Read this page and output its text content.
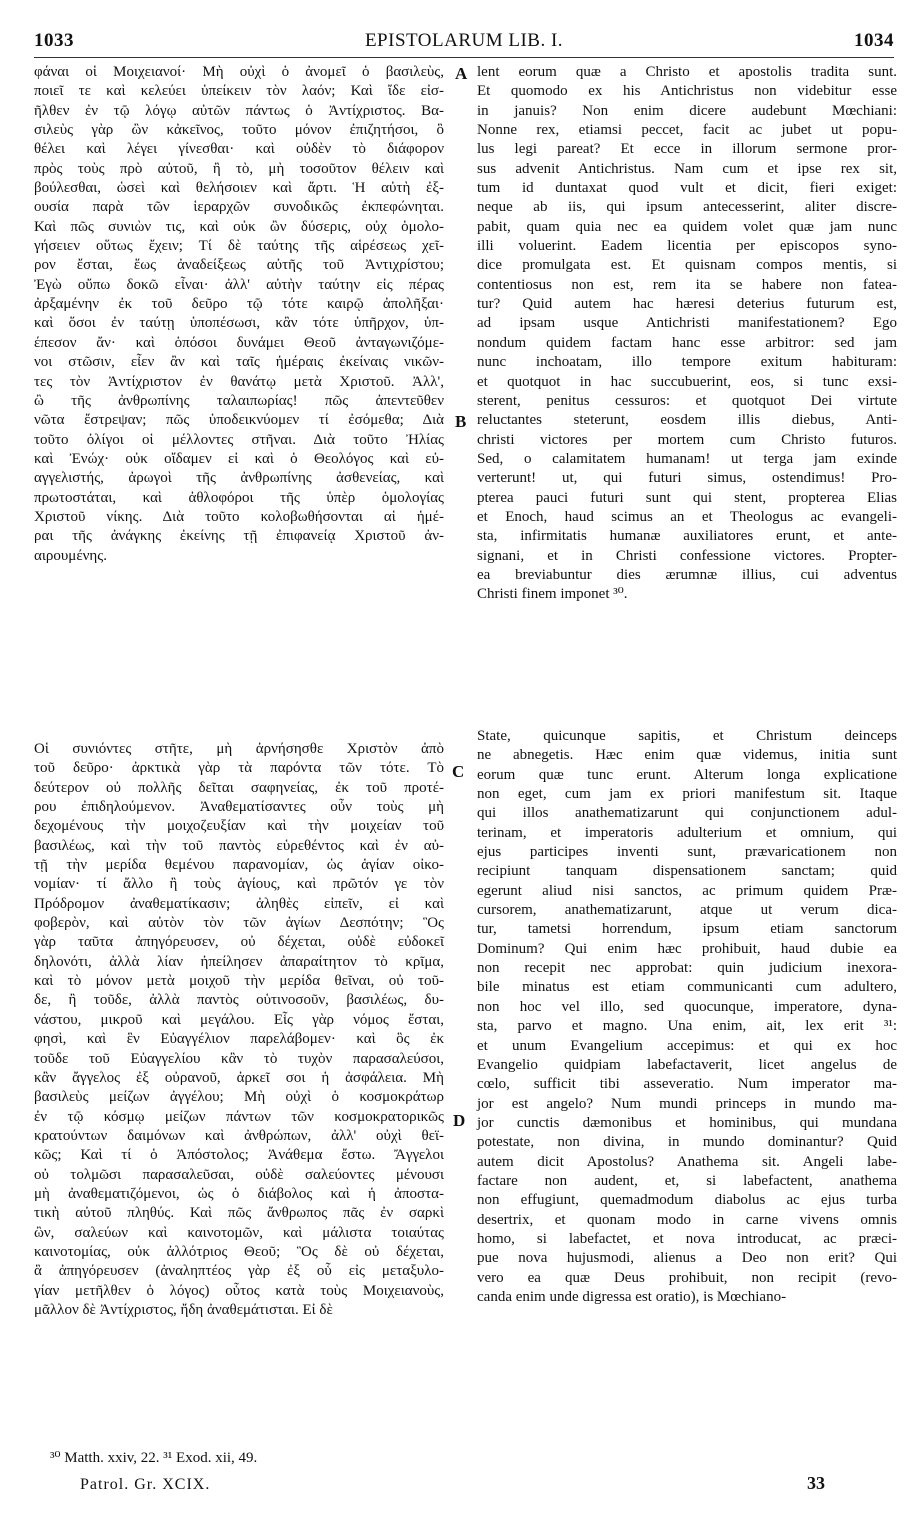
1033	EPISTOLARUM LIB. I.	1034
φάναι οἱ Μοιχειανοί· Μὴ οὐχὶ ὁ ἀνομεῖ ὁ βασιλεὺς,
ποιεῖ τε καὶ κελεύει ὑπείκειν τὸν λαόν; Καὶ ἴδε εἰσ-
ῆλθεν ἐν τῷ λόγῳ αὐτῶν πάντως ὁ Ἀντίχριστος. Βα-
σιλεὺς γὰρ ὢν κἀκεῖνος, τοῦτο μόνον ἐπιζητήσοι, ὃ
θέλει καὶ λέγει γίνεσθαι· καὶ οὐδὲν τὸ διάφορον
πρὸς τοὺς πρὸ αὐτοῦ, ἢ τὸ, μὴ τοσοῦτον θέλειν καὶ
βούλεσθαι, ὡσεὶ καὶ θελήσοιεν καὶ ἄρτι. Ἡ αὐτὴ ἐξ-
ουσία παρὰ τῶν ἱεραρχῶν συνοδικῶς ἐκπεφώνηται.
Καὶ πῶς συνιὼν τις, καὶ οὐκ ὢν δύσερις, οὐχ ὁμολο-
γήσειεν οὕτως ἔχειν; Τί δὲ ταύτης τῆς αἱρέσεως χεῖ-
ρον ἔσται, ἕως ἀναδείξεως αὐτῆς τοῦ Ἀντιχρίστου;
Ἐγὼ οὔπω δοκῶ εἶναι· ἀλλ' αὐτὴν ταύτην εἰς πέρας
ἀρξαμένην ἐκ τοῦ δεῦρο τῷ τότε καιρῷ ἀπολῆξαι·
καὶ ὅσοι ἐν ταύτῃ ὑποπέσωσι, κἂν τότε ὑπῆρχον, ὑπ-
έπεσον ἄν· καὶ ὁπόσοι δυνάμει Θεοῦ ἀνταγωνιζόμε-
νοι στῶσιν, εἶεν ἂν καὶ ταῖς ἡμέραις ἐκείναις νικῶν-
τες τὸν Ἀντίχριστον ἐν θανάτῳ μετὰ Χριστοῦ. Ἀλλ',
ὢ τῆς ἀνθρωπίνης ταλαιπωρίας! πῶς ἀπεντεῦθεν
νῶτα ἔστρεψαν; πῶς ὑποδεικνύομεν τί ἐσόμεθα; Διὰ
τοῦτο ὀλίγοι οἱ μέλλοντες στῆναι. Διὰ τοῦτο Ἠλίας
καὶ Ἐνώχ· οὐκ οἴδαμεν εἰ καὶ ὁ Θεολόγος καὶ εὐ-
αγγελιστής, ἀρωγοὶ τῆς ἀνθρωπίνης ἀσθενείας, καὶ
πρωτοστάται, καὶ ἀθλοφόροι τῆς ὑπὲρ ὁμολογίας
Χριστοῦ νίκης. Διὰ τοῦτο κολοβωθήσονται αἱ ἡμέ-
ραι τῆς ἀνάγκης ἐκείνης τῇ ἐπιφανείᾳ Χριστοῦ ἀν-
αιρουμένης.
Οἱ συνιόντες στῆτε, μὴ ἀρνήσησθε Χριστὸν ἀπὸ
τοῦ δεῦρο· ἀρκτικὰ γὰρ τὰ παρόντα τῶν τότε. Τὸ
δεύτερον οὐ πολλῆς δεῖται σαφηνείας, ἐκ τοῦ προτέ-
ρου ἐπιδηλούμενον. Ἀναθεματίσαντες οὖν τοὺς μὴ
δεχομένους τὴν μοιχοζευξίαν καὶ τὴν μοιχείαν τοῦ
βασιλέως, καὶ τὴν τοῦ παντὸς εὑρεθέντος καὶ ἐν αὐ-
τῇ τὴν μερίδα θεμένου παρανομίαν, ὡς ἁγίαν οἰκο-
νομίαν· τί ἄλλο ἢ τοὺς ἁγίους, καὶ πρῶτόν γε τὸν
Πρόδρομον ἀναθεματίκασιν; ἀληθὲς εἰπεῖν, εἰ καὶ
φοβερὸν, καὶ αὐτὸν τὸν τῶν ἁγίων Δεσπότην; Ὃς
γὰρ ταῦτα ἀπηγόρευσεν, οὐ δέχεται, οὐδὲ εὐδοκεῖ
δηλονότι, ἀλλὰ λίαν ἠπείλησεν ἀπαραίτητον τὸ κρῖμα,
καὶ τὸ μόνον μετὰ μοιχοῦ τὴν μερίδα θεῖναι, οὐ τοῦ-
δε, ἢ τοῦδε, ἀλλὰ παντὸς οὑτινοσοῦν, βασιλέως, δυ-
νάστου, μικροῦ καὶ μεγάλου. Εἷς γὰρ νόμος ἔσται,
φησὶ, καὶ ἓν Εὐαγγέλιον παρελάβομεν· καὶ ὃς ἐκ
τοῦδε τοῦ Εὐαγγελίου κἂν τὸ τυχὸν παρασαλεύσοι,
κἂν ἄγγελος ἐξ οὐρανοῦ, ἀρκεῖ σοι ἡ ἀσφάλεια. Μὴ
βασιλεὺς μείζων ἀγγέλου; Μὴ οὐχὶ ὁ κοσμοκράτωρ
ἐν τῷ κόσμῳ μείζων πάντων τῶν κοσμοκρατορικῶς
κρατούντων δαιμόνων καὶ ἀνθρώπων, ἀλλ' οὐχὶ θεϊ-
κῶς; Καὶ τί ὁ Ἀπόστολος; Ἀνάθεμα ἔστω. Ἄγγελοι
οὐ τολμῶσι παρασαλεῦσαι, οὐδὲ σαλεύοντες μένουσι
μὴ ἀναθεματιζόμενοι, ὡς ὁ διάβολος καὶ ἡ ἀποστα-
τικὴ αὐτοῦ πληθύς. Καὶ πῶς ἄνθρωπος πᾶς ἐν σαρκὶ
ὢν, σαλεύων καὶ καινοτομῶν, καὶ μάλιστα τοιαύτας
καινοτομίας, οὐκ ἀλλότριος Θεοῦ; Ὃς δὲ οὐ δέχεται,
ἃ ἀπηγόρευσεν (ἀναληπτέος γὰρ ἐξ οὗ εἰς μεταξυλο-
γίαν μετῆλθεν ὁ λόγος) οὗτος κατὰ τοὺς Μοιχειανοὺς,
μᾶλλον δὲ Ἀντίχριστος, ἤδη ἀναθεμάτισται. Εἰ δὲ
lent eorum quæ a Christo et apostolis tradita sunt.
Et quomodo ex his Antichristus non videbitur esse
in januis? Non enim dicere audebunt Mœchiani:
Nonne rex, etiamsi peccet, facit ac jubet ut popu-
lus legi pareat? Et ecce in illorum sermone pror-
sus advenit Antichristus. Nam cum et ipse rex sit,
tum id duntaxat quod vult et dicit, fieri exiget:
neque ab iis, qui ipsum antecesserint, aliter discre-
pabit, quam quia nec ea quidem volet quæ jam nunc
illi voluerint. Eadem licentia per episcopos syno-
dice promulgata est. Et quisnam compos mentis, si
contentiosus non est, rem ita se habere non fatea-
tur? Quid autem hac hæresi deterius futurum est,
ad ipsam usque Antichristi manifestationem? Ego
nondum quidem factam hanc esse arbitror: sed jam
nunc inchoatam, illo tempore exitum habituram:
et quotquot in hac succubuerint, eos, si tunc exsi-
sterent, penitus cessuros: et quotquot Dei virtute
reluctantes steterunt, eosdem illis diebus, Anti-
christi victores per mortem cum Christo futuros.
Sed, o calamitatem humanam! ut terga jam exinde
verterunt! ut, qui futuri simus, ostendimus! Pro-
pterea pauci futuri sunt qui stent, propterea Elias
et Enoch, haud scimus an et Theologus ac evangeli-
sta, infirmitatis humanæ auxiliatores erunt, et ante-
signani, et in Christi confessione victores. Propter-
ea breviabuntur dies ærumnæ illius, cui adventus
Christi finem imponet ³⁰.
State, quicunque sapitis, et Christum deinceps
ne abnegetis. Hæc enim quæ videmus, initia sunt
eorum quæ tunc erunt. Alterum longa explicatione
non eget, cum jam ex priori manifestum sit. Itaque
qui illos anathematizarunt qui conjunctionem adul-
terinam, et imperatoris adulterium et omnium, qui
ejus participes inventi sunt, prævaricationem non
recipiunt tanquam dispensationem sanctam; quid
egerunt aliud nisi sanctos, ac primum quidem Præ-
cursorem, anathematizarunt, atque ut verum dica-
tur, tametsi horrendum, ipsum etiam sanctorum
Dominum? Qui enim hæc prohibuit, haud dubie ea
non recepit nec approbat: quin judicium inexora-
bile minatus est etiam communicanti cum adultero,
non hoc vel illo, sed quocunque, imperatore, dyna-
sta, parvo et magno. Una enim, ait, lex erit ³¹:
et unum Evangelium accepimus: et qui ex hoc
Evangelio quidpiam labefactaverit, licet angelus de
cœlo, sufficit tibi asseveratio. Num imperator ma-
jor est angelo? Num mundi princeps in mundo ma-
jor cunctis dæmonibus et hominibus, qui mundana
potestate, non divina, in mundo dominantur? Quid
autem dicit Apostolus? Anathema sit. Angeli labe-
factare non audent, et, si labefactent, anathema
non effugiunt, quemadmodum diabolus ac ejus turba
desertrix, et quonam modo in carne vivens omnis
homo, si labefactet, et nova introducat, ac præci-
pue nova hujusmodi, alienus a Deo non erit? Qui
vero ea quæ Deus prohibuit, non recipit (revo-
canda enim unde digressa est oratio), is Mœchiano-
A
B
C
D
³⁰ Matth. xxiv, 22. ³¹ Exod. xii, 49.
Patrol. Gr. XCIX.	33
